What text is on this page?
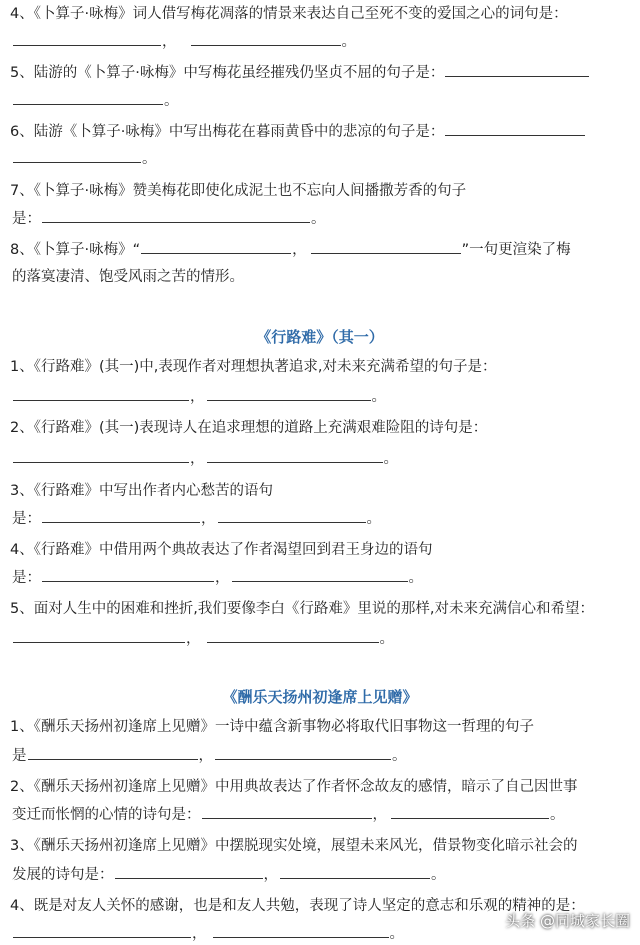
4、《卜算子·咏梅》词人借写梅花凋落的情景来表达自己至死不变的爱国之心的词句是：
，	。
5、陆游的《卜算子·咏梅》中写梅花虽经摧残仍坚贞不屈的句子是：
。
6、陆游《卜算子·咏梅》中写出梅花在暮雨黄昏中的悲凉的句子是：
。
7、《卜算子·咏梅》赞美梅花即使化成泥土也不忘向人间播撒芳香的句子
是：	。
8、《卜算子·咏梅》“	，	”一句更渲染了梅
的落寞凄清、饱受风雨之苦的情形。
《行路难》（其一）
1、《行路难》(其一)中,表现作者对理想执著追求,对未来充满希望的句子是：
，	。
2、《行路难》(其一)表现诗人在追求理想的道路上充满艰难险阻的诗句是：
，	。
3、《行路难》中写出作者内心愁苦的语句
是：	，	。
4、《行路难》中借用两个典故表达了作者渴望回到君王身边的语句
是：	，	。
5、面对人生中的困难和挫折,我们要像李白《行路难》里说的那样,对未来充满信心和希望：
，	。
《酬乐天扬州初逢席上见赠》
1、《酬乐天扬州初逢席上见赠》一诗中蕴含新事物必将取代旧事物这一哲理的句子
是	，	。
2、《酬乐天扬州初逢席上见赠》中用典故表达了作者怀念故友的感情，暗示了自己因世事
变迁而怅惘的心情的诗句是：	，	。
3、《酬乐天扬州初逢席上见赠》中摆脱现实处境，展望未来风光，借景物变化暗示社会的
发展的诗句是：	，	。
4、既是对友人关怀的感谢，也是和友人共勉，表现了诗人坚定的意志和乐观的精神的是：
，	。
头条 @同城家长圈
